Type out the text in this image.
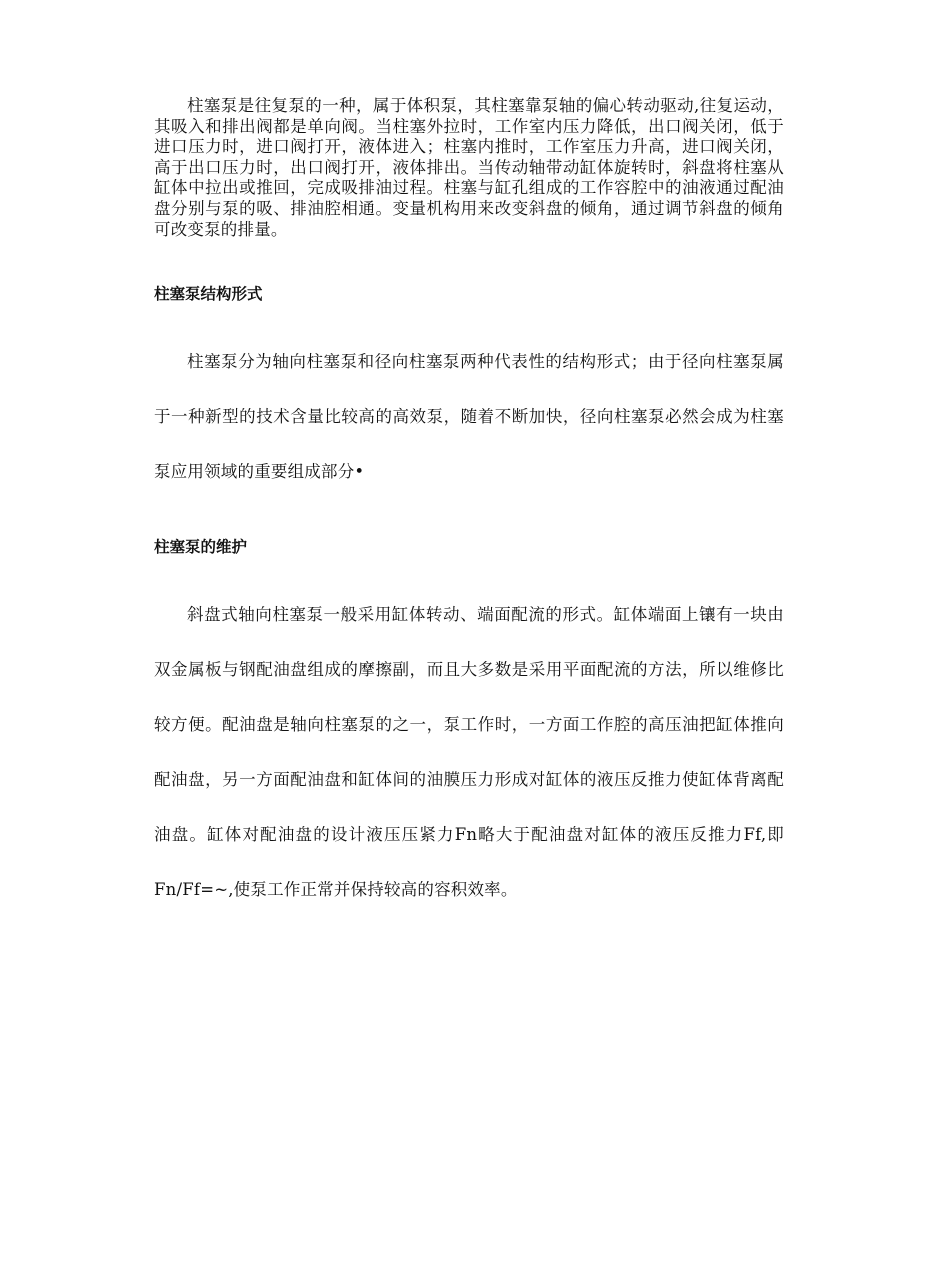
柱塞泵是往复泵的一种，属于体积泵，其柱塞靠泵轴的偏心转动驱动,往复运动，其吸入和排出阀都是单向阀。当柱塞外拉时，工作室内压力降低，出口阀关闭，低于进口压力时，进口阀打开，液体进入；柱塞内推时，工作室压力升高，进口阀关闭，高于出口压力时，出口阀打开，液体排出。当传动轴带动缸体旋转时，斜盘将柱塞从缸体中拉出或推回，完成吸排油过程。柱塞与缸孔组成的工作容腔中的油液通过配油盘分别与泵的吸、排油腔相通。变量机构用来改变斜盘的倾角，通过调节斜盘的倾角可改变泵的排量。

柱塞泵结构形式

柱塞泵分为轴向柱塞泵和径向柱塞泵两种代表性的结构形式；由于径向柱塞泵属于一种新型的技术含量比较高的高效泵，随着不断加快，径向柱塞泵必然会成为柱塞泵应用领域的重要组成部分•

柱塞泵的维护

斜盘式轴向柱塞泵一般采用缸体转动、端面配流的形式。缸体端面上镶有一块由双金属板与钢配油盘组成的摩擦副，而且大多数是采用平面配流的方法，所以维修比较方便。配油盘是轴向柱塞泵的之一，泵工作时，一方面工作腔的高压油把缸体推向配油盘，另一方面配油盘和缸体间的油膜压力形成对缸体的液压反推力使缸体背离配油盘。缸体对配油盘的设计液压压紧力Fn略大于配油盘对缸体的液压反推力Ff,即Fn/Ff=~,使泵工作正常并保持较高的容积效率。
